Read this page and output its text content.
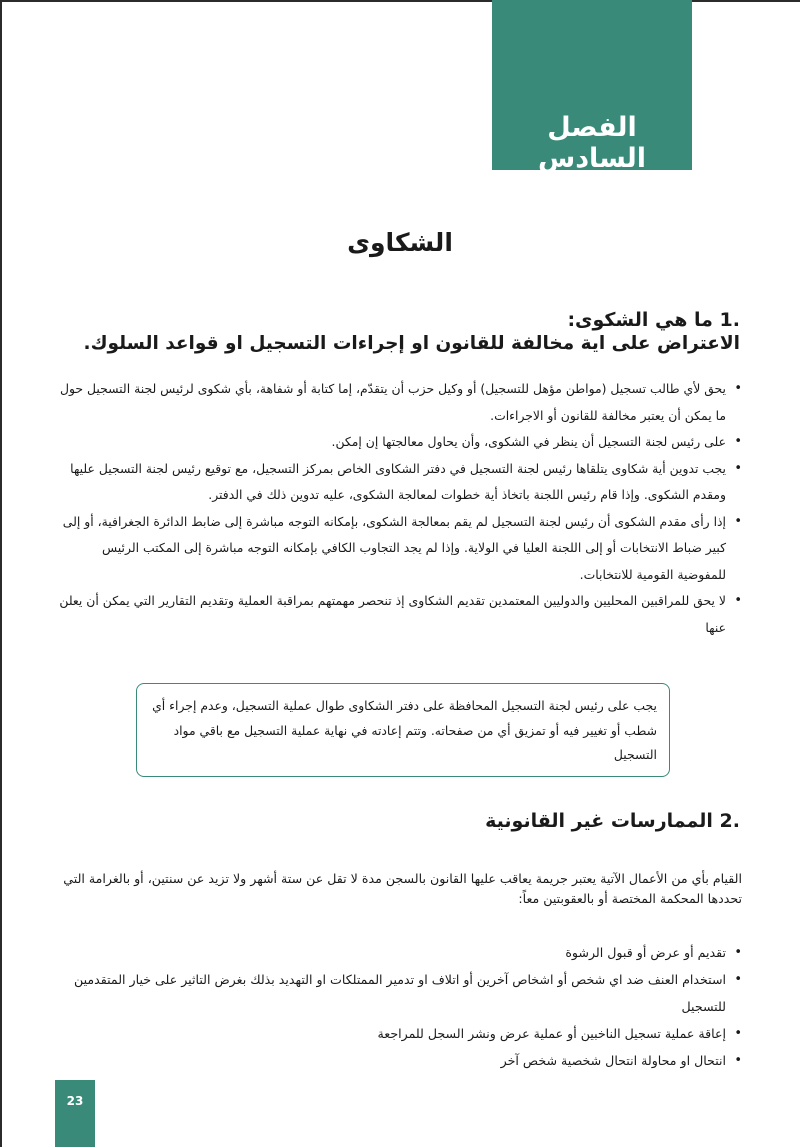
الفصل السادس
الشكاوى
.1 ما هي الشكوى:
الاعتراض على اية مخالفة للقانون او إجراءات التسجيل او قواعد السلوك.
• يحق لأي طالب تسجيل (مواطن مؤهل للتسجيل) أو وكيل حزب أن يتقدّم، إما كتابة أو شفاهة، بأي شكوى لرئيس لجنة التسجيل حول ما يمكن أن يعتبر مخالفة للقانون أو الاجراءات.
• على رئيس لجنة التسجيل أن ينظر في الشكوى، وأن يحاول معالجتها إن إمكن.
• يجب تدوين أية شكاوى يتلقاها رئيس لجنة التسجيل في دفتر الشكاوى الخاص بمركز التسجيل، مع توقيع رئيس لجنة التسجيل عليها ومقدم الشكوى. وإذا قام رئيس اللجنة باتخاذ أية خطوات لمعالجة الشكوى، عليه تدوين ذلك في الدفتر.
• إذا رأى مقدم الشكوى أن رئيس لجنة التسجيل لم يقم بمعالجة الشكوى، بإمكانه التوجه مباشرة إلى ضابط الدائرة الجغرافية، أو إلى كبير ضباط الانتخابات أو إلى اللجنة العليا في الولاية. وإذا لم يجد التجاوب الكافي بإمكانه التوجه مباشرة إلى المكتب الرئيس للمفوضية القومية للانتخابات.
• لا يحق للمراقبين المحليين والدوليين المعتمدين تقديم الشكاوى إذ تنحصر مهمتهم بمراقبة العملية وتقديم التقارير التي يمكن أن يعلن عنها
يجب على رئيس لجنة التسجيل المحافظة على دفتر الشكاوى طوال عملية التسجيل، وعدم إجراء أي شطب أو تغيير فيه أو تمزيق أي من صفحاته. وتتم إعادته في نهاية عملية التسجيل مع باقي مواد التسجيل
.2 الممارسات غير القانونية
القيام بأي من الأعمال الآتية يعتبر جريمة يعاقب عليها القانون بالسجن مدة لا تقل عن ستة أشهر ولا تزيد عن سنتين، أو بالغرامة التي تحددها المحكمة المختصة أو بالعقوبتين معاً:
• تقديم أو عرض أو قبول الرشوة
• استخدام العنف ضد اي شخص أو اشخاص آخرين أو اتلاف او تدمير الممتلكات او التهديد بذلك بغرض التاثير على خيار المتقدمين للتسجيل
• إعاقة عملية تسجيل الناخبين أو عملية عرض ونشر السجل للمراجعة
• انتحال او محاولة انتحال شخصية شخص آخر
23
